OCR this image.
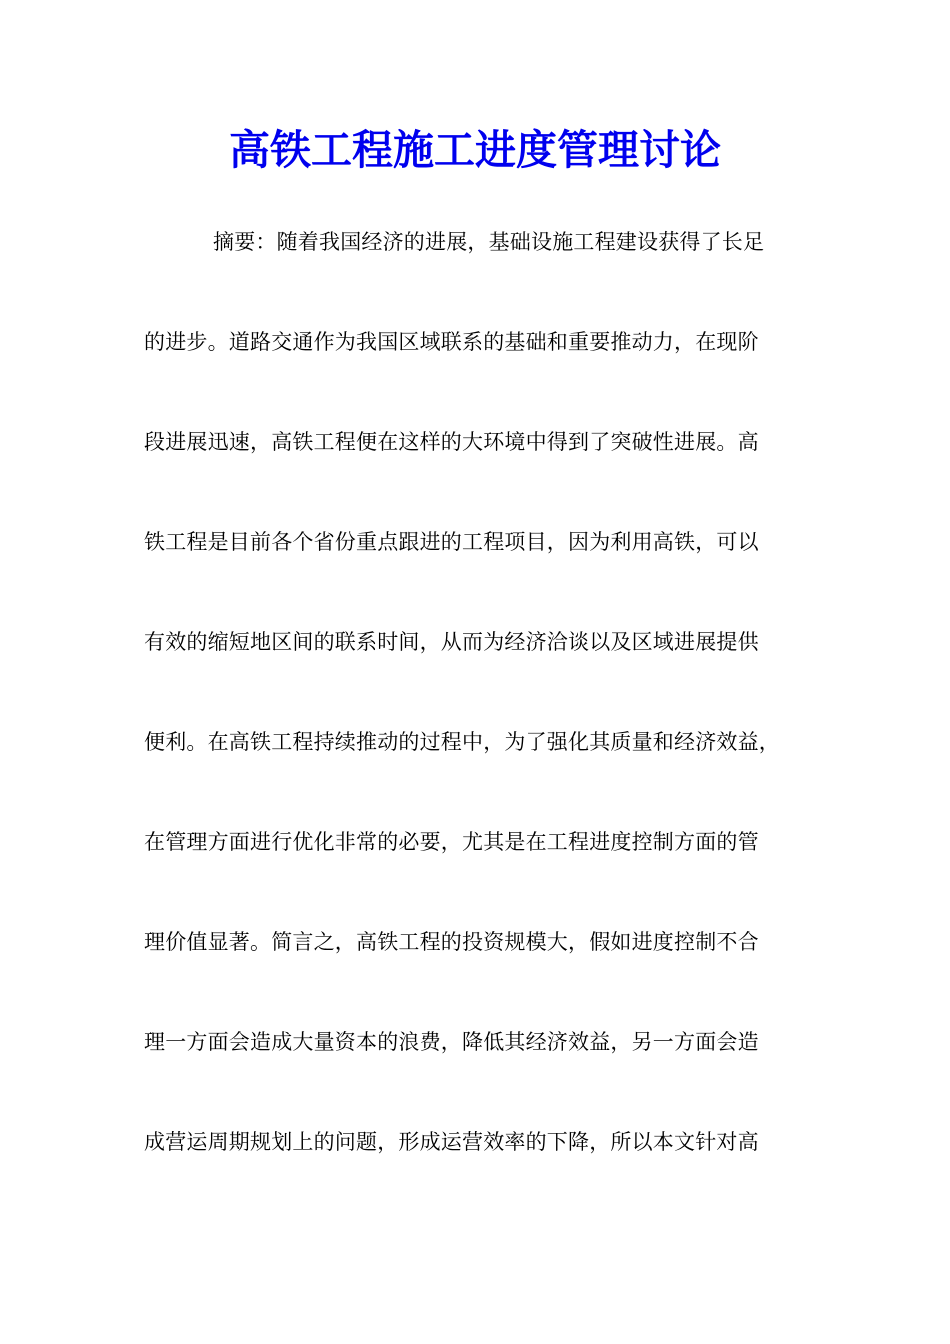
高铁工程施工进度管理讨论
摘要：随着我国经济的进展，基础设施工程建设获得了长足
的进步。道路交通作为我国区域联系的基础和重要推动力，在现阶
段进展迅速，高铁工程便在这样的大环境中得到了突破性进展。高
铁工程是目前各个省份重点跟进的工程项目，因为利用高铁，可以
有效的缩短地区间的联系时间，从而为经济洽谈以及区域进展提供
便利。在高铁工程持续推动的过程中，为了强化其质量和经济效益，
在管理方面进行优化非常的必要，尤其是在工程进度控制方面的管
理价值显著。简言之，高铁工程的投资规模大，假如进度控制不合
理一方面会造成大量资本的浪费，降低其经济效益，另一方面会造
成营运周期规划上的问题，形成运营效率的下降，所以本文针对高
